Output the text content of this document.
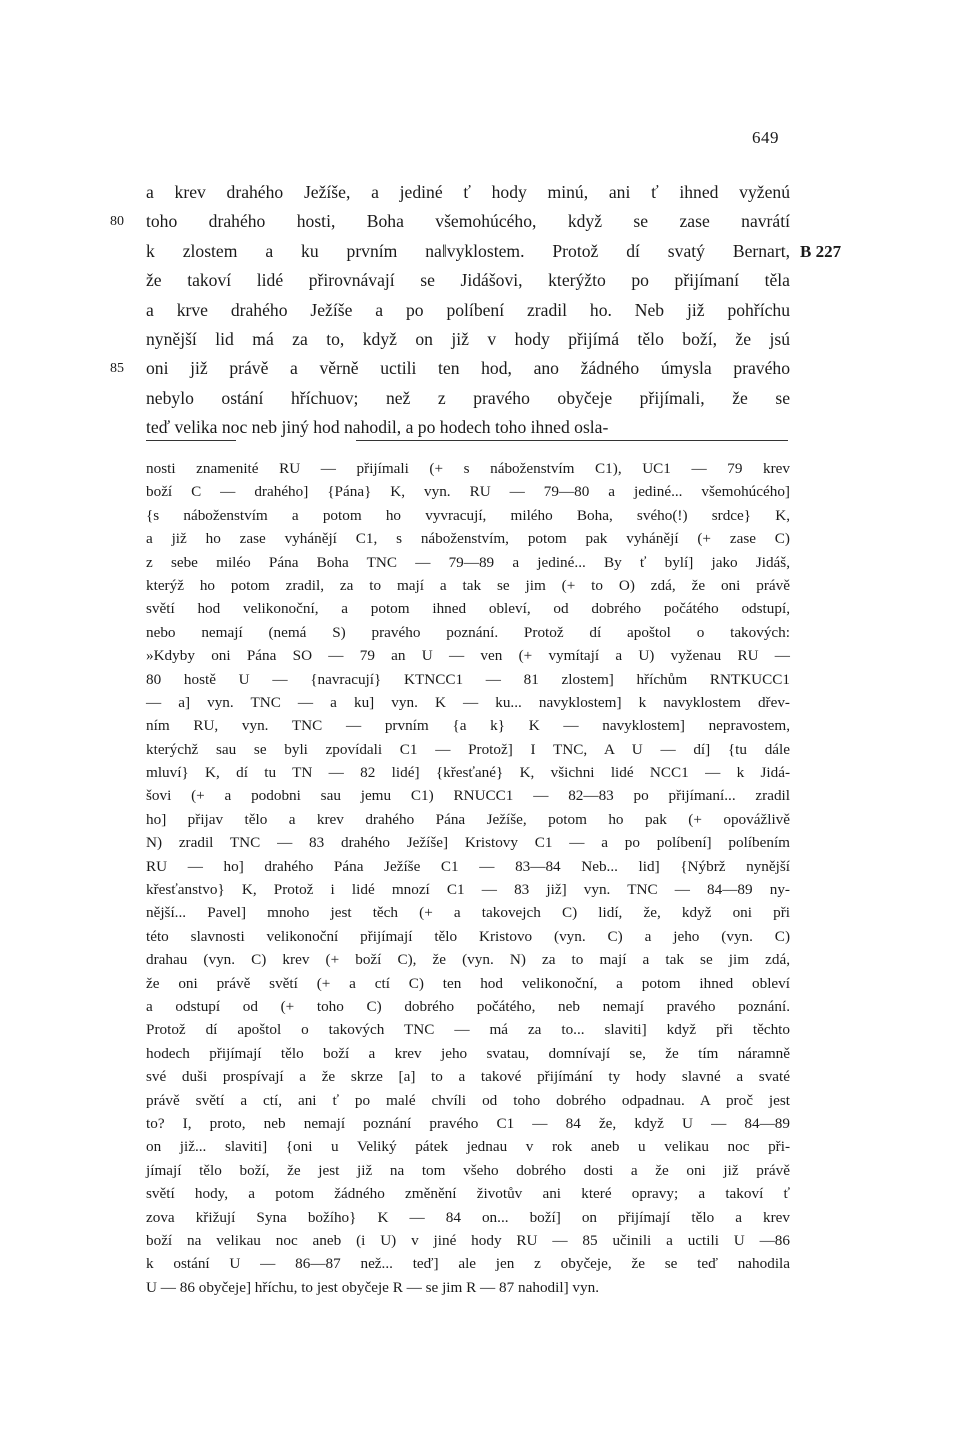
649
a krev drahého Ježíše, a jediné ť hody minú, ani ť ihned vyženú
80 toho drahého hosti, Boha všemohúcého, když se zase navrátí
k zlostem a ku prvním na‖vyklostem. Protož dí svatý Bernart, B 227
že takoví lidé přirovnávají se Jidášovi, kterýžto po přijímaní těla
a krve drahého Ježíše a po políbení zradil ho. Neb již pohříchu
nynější lid má za to, když on již v hody přijímá tělo boží, že jsú
85 oni již právě a věrně uctili ten hod, ano žádného úmysla pravého
nebylo ostání hříchuov; než z pravého obyčeje přijímali, že se
teď velika noc neb jiný hod nahodil, a po hodech toho ihned osla-
nosti znamenité RU — přijímali (+ s náboženstvím C1), UC1 — 79 krev
boží C — drahého] {Pána} K, vyn. RU — 79—80 a jediné... všemohúcého]
{s náboženstvím a potom ho vyvracují, milého Boha, svého(!) srdce} K,
a již ho zase vyhánějí C1, s náboženstvím, potom pak vyhánějí (+ zase C)
z sebe miléo Pána Boha TNC — 79—89 a jediné... By ť bylí] jako Jidáš,
kterýž ho potom zradil, za to mají a tak se jim (+ to O) zdá, že oni právě
světí hod velikonoční, a potom ihned obleví, od dobrého počátého odstupí,
nebo nemají (nemá S) pravého poznání. Protož dí apoštol o takových:
»Kdyby oni Pána SO — 79 an U — ven (+ vymítají a U) vyženau RU —
80 hostě U — {navracují} KTNCC1 — 81 zlostem] hříchům RNTKUCC1
— a] vyn. TNC — a ku] vyn. K — ku... navyklostem] k navyklostem dřev-
ním RU, vyn. TNC — prvním {a k} K — navyklostem] nepravostem,
kterýchž sau se byli zpovídali C1 — Protož] I TNC, A U — dí] {tu dále
mluví} K, dí tu TN — 82 lidé] {křesťané} K, všichni lidé NCC1 — k Jidá-
šovi (+ a podobni sau jemu C1) RNUCC1 — 82—83 po přijímaní... zradil
ho] přijav tělo a krev drahého Pána Ježíše, potom ho pak (+ opovážlivě
N) zradil TNC — 83 drahého Ježíše] Kristovy C1 — a po políbení] políbením
RU — ho] drahého Pána Ježíše C1 — 83—84 Neb... lid] {Nýbrž nynější
křesťanstvo} K, Protož i lidé mnozí C1 — 83 již] vyn. TNC — 84—89 ny-
nější... Pavel] mnoho jest těch (+ a takovejch C) lidí, že, když oni při
této slavnosti velikonoční přijímají tělo Kristovo (vyn. C) a jeho (vyn. C)
drahau (vyn. C) krev (+ boží C), že (vyn. N) za to mají a tak se jim zdá,
že oni právě světí (+ a ctí C) ten hod velikonoční, a potom ihned obleví
a odstupí od (+ toho C) dobrého počátého, neb nemají pravého poznání.
Protož dí apoštol o takových TNC — má za to... slaviti] když při těchto
hodech přijímají tělo boží a krev jeho svatau, domnívají se, že tím náramně
své duši prospívají a že skrze [a] to a takové přijímání ty hody slavné a svaté
právě světí a ctí, ani ť po malé chvíli od toho dobrého odpadnau. A proč jest
to? I, proto, neb nemají poznání pravého C1 — 84 že, když U — 84—89
on již... slaviti] {oni u Veliký pátek jednau v rok aneb u velikau noc při-
jímají tělo boží, že jest již na tom všeho dobrého dosti a že oni již právě
světí hody, a potom žádného změnění životův ani které opravy; a takoví ť
zova křižují Syna božího} K — 84 on... boží] on přijímají tělo a krev
boží na velikau noc aneb (i U) v jiné hody RU — 85 učinili a uctili U —86
k ostání U — 86—87 než... teď] ale jen z obyčeje, že se teď nahodila
U — 86 obyčeje] hříchu, to jest obyčeje R — se jim R — 87 nahodil] vyn.
